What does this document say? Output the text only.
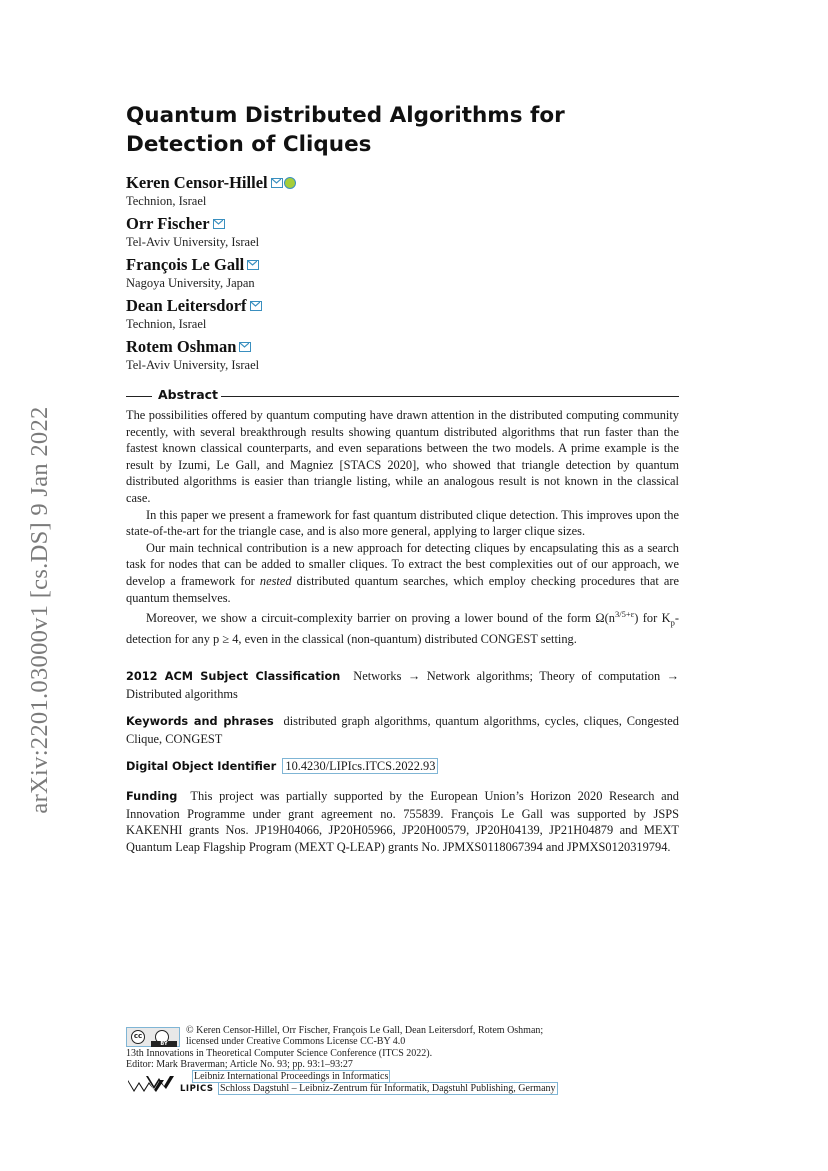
arXiv:2201.03000v1 [cs.DS] 9 Jan 2022
Quantum Distributed Algorithms for Detection of Cliques
Keren Censor-Hillel
Technion, Israel
Orr Fischer
Tel-Aviv University, Israel
François Le Gall
Nagoya University, Japan
Dean Leitersdorf
Technion, Israel
Rotem Oshman
Tel-Aviv University, Israel
Abstract

The possibilities offered by quantum computing have drawn attention in the distributed computing community recently, with several breakthrough results showing quantum distributed algorithms that run faster than the fastest known classical counterparts, and even separations between the two models. A prime example is the result by Izumi, Le Gall, and Magniez [STACS 2020], who showed that triangle detection by quantum distributed algorithms is easier than triangle listing, while an analogous result is not known in the classical case.

In this paper we present a framework for fast quantum distributed clique detection. This improves upon the state-of-the-art for the triangle case, and is also more general, applying to larger clique sizes.

Our main technical contribution is a new approach for detecting cliques by encapsulating this as a search task for nodes that can be added to smaller cliques. To extract the best complexities out of our approach, we develop a framework for nested distributed quantum searches, which employ checking procedures that are quantum themselves.

Moreover, we show a circuit-complexity barrier on proving a lower bound of the form $\Omega(n^{3/5+\varepsilon})$ for $K_p$-detection for any p ≥ 4, even in the classical (non-quantum) distributed CONGEST setting.

2012 ACM Subject Classification Networks → Network algorithms; Theory of computation → Distributed algorithms
Keywords and phrases distributed graph algorithms, quantum algorithms, cycles, cliques, Congested Clique, CONGEST
Digital Object Identifier 10.4230/LIPIcs.ITCS.2022.93
Funding This project was partially supported by the European Union’s Horizon 2020 Research and Innovation Programme under grant agreement no. 755839. François Le Gall was supported by JSPS KAKENHI grants Nos. JP19H04066, JP20H05966, JP20H00579, JP20H04139, JP21H04879 and MEXT Quantum Leap Flagship Program (MEXT Q-LEAP) grants No. JPMXS0118067394 and JPMXS0120319794.
cc
BY
© Keren Censor-Hillel, Orr Fischer, François Le Gall, Dean Leitersdorf, Rotem Oshman;
licensed under Creative Commons License CC-BY 4.0
13th Innovations in Theoretical Computer Science Conference (ITCS 2022).
Editor: Mark Braverman; Article No. 93; pp. 93:1–93:27
Leibniz International Proceedings in Informatics
LIPICS Schloss Dagstuhl – Leibniz-Zentrum für Informatik, Dagstuhl Publishing, Germany
